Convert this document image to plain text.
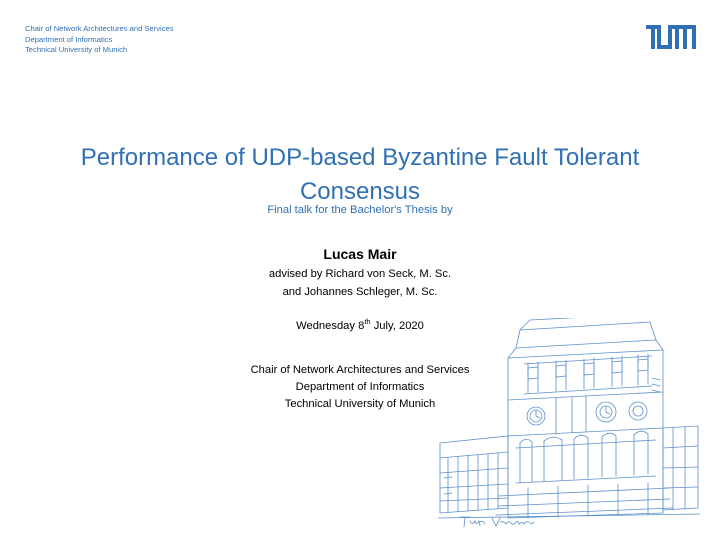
Chair of Network Architectures and Services
Department of Informatics
Technical University of Munich
Performance of UDP-based Byzantine Fault Tolerant
Consensus
Final talk for the Bachelor's Thesis by
Lucas Mair
advised by Richard von Seck, M. Sc.
and Johannes Schleger, M. Sc.
Wednesday 8th July, 2020
Chair of Network Architectures and Services
Department of Informatics
Technical University of Munich
